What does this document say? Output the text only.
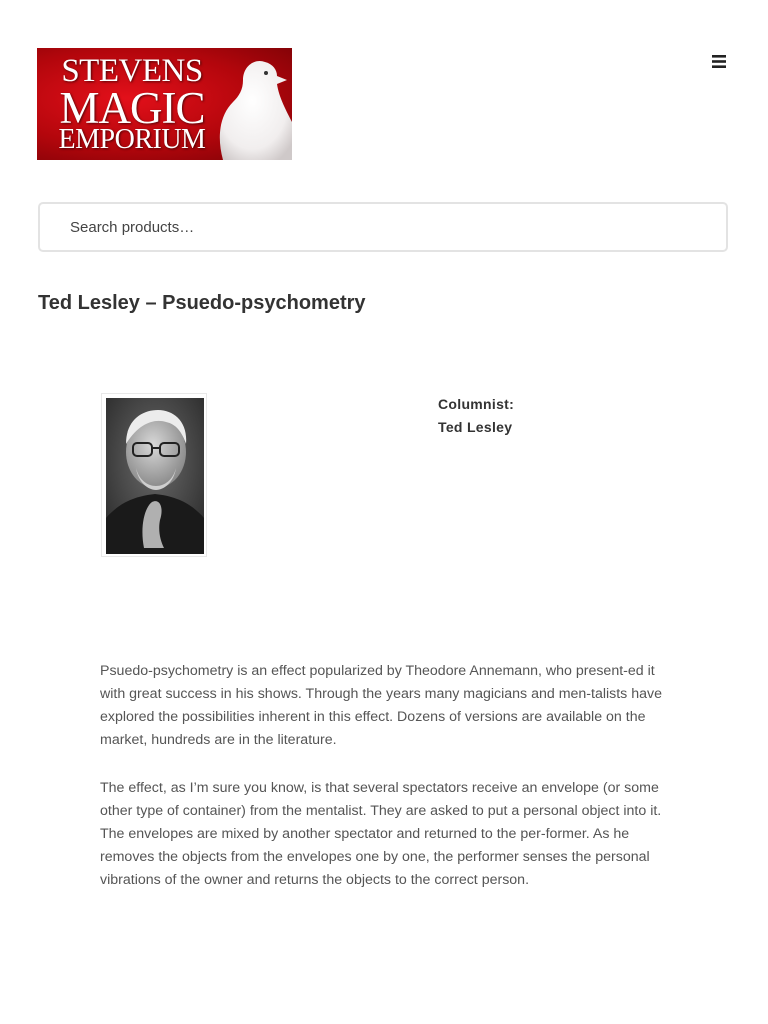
STEVENS
MAGIC
EMPORIUM
Search products…
Ted Lesley – Psuedo-psychometry
Columnist:
Ted Lesley

Psuedo-psychometry is an effect popularized by Theodore Annemann, who present-ed it with great success in his shows. Through the years many magicians and men-talists have explored the possibilities inherent in this effect. Dozens of versions are available on the market, hundreds are in the literature.

The effect, as I’m sure you know, is that several spectators receive an envelope (or some other type of container) from the mentalist. They are asked to put a personal object into it. The envelopes are mixed by another spectator and returned to the per-former. As he removes the objects from the envelopes one by one, the performer senses the personal vibrations of the owner and returns the objects to the correct person.
